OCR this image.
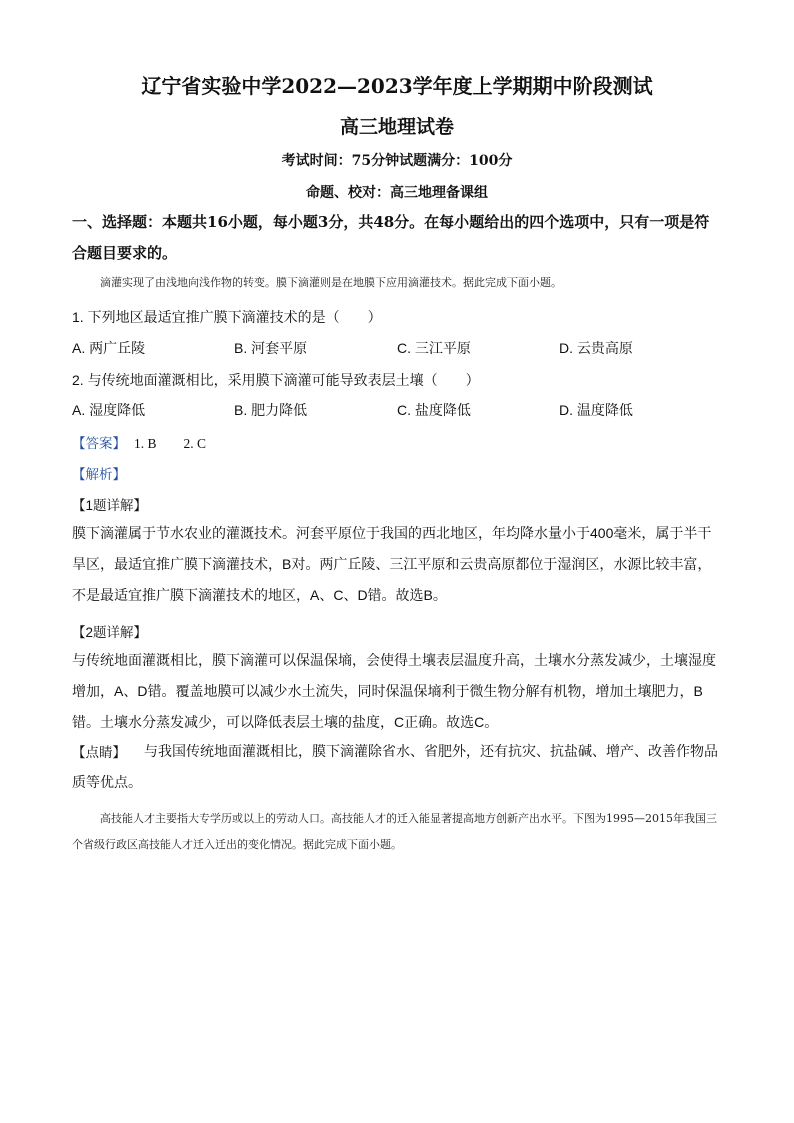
辽宁省实验中学2022—2023学年度上学期期中阶段测试
高三地理试卷
考试时间：75分钟试题满分：100分
命题、校对：高三地理备课组
一、选择题：本题共16小题，每小题3分，共48分。在每小题给出的四个选项中，只有一项是符合题目要求的。
滴灌实现了由浅地向浅作物的转变。膜下滴灌则是在地膜下应用滴灌技术。据此完成下面小题。
1. 下列地区最适宜推广膜下滴灌技术的是（　　）
A. 两广丘陵	B. 河套平原	C. 三江平原	D. 云贵高原
2. 与传统地面灌溉相比，采用膜下滴灌可能导致表层土壤（　　）
A. 湿度降低	B. 肥力降低	C. 盐度降低	D. 温度降低
【答案】 1. B　　2. C
【解析】
【1题详解】
膜下滴灌属于节水农业的灌溉技术。河套平原位于我国的西北地区，年均降水量小于400毫米，属于半干旱区，最适宜推广膜下滴灌技术，B对。两广丘陵、三江平原和云贵高原都位于湿润区，水源比较丰富，不是最适宜推广膜下滴灌技术的地区，A、C、D错。故选B。
【2题详解】
与传统地面灌溉相比，膜下滴灌可以保温保墒，会使得土壤表层温度升高，土壤水分蒸发减少，土壤湿度增加，A、D错。覆盖地膜可以减少水土流失，同时保温保墒利于微生物分解有机物，增加土壤肥力，B错。土壤水分蒸发减少，可以降低表层土壤的盐度，C正确。故选C。
【点睛】	与我国传统地面灌溉相比，膜下滴灌除省水、省肥外，还有抗灾、抗盐碱、增产、改善作物品质等优点。
高技能人才主要指大专学历或以上的劳动人口。高技能人才的迁入能显著提高地方创新产出水平。下图为1995—2015年我国三个省级行政区高技能人才迁入迁出的变化情况。据此完成下面小题。
